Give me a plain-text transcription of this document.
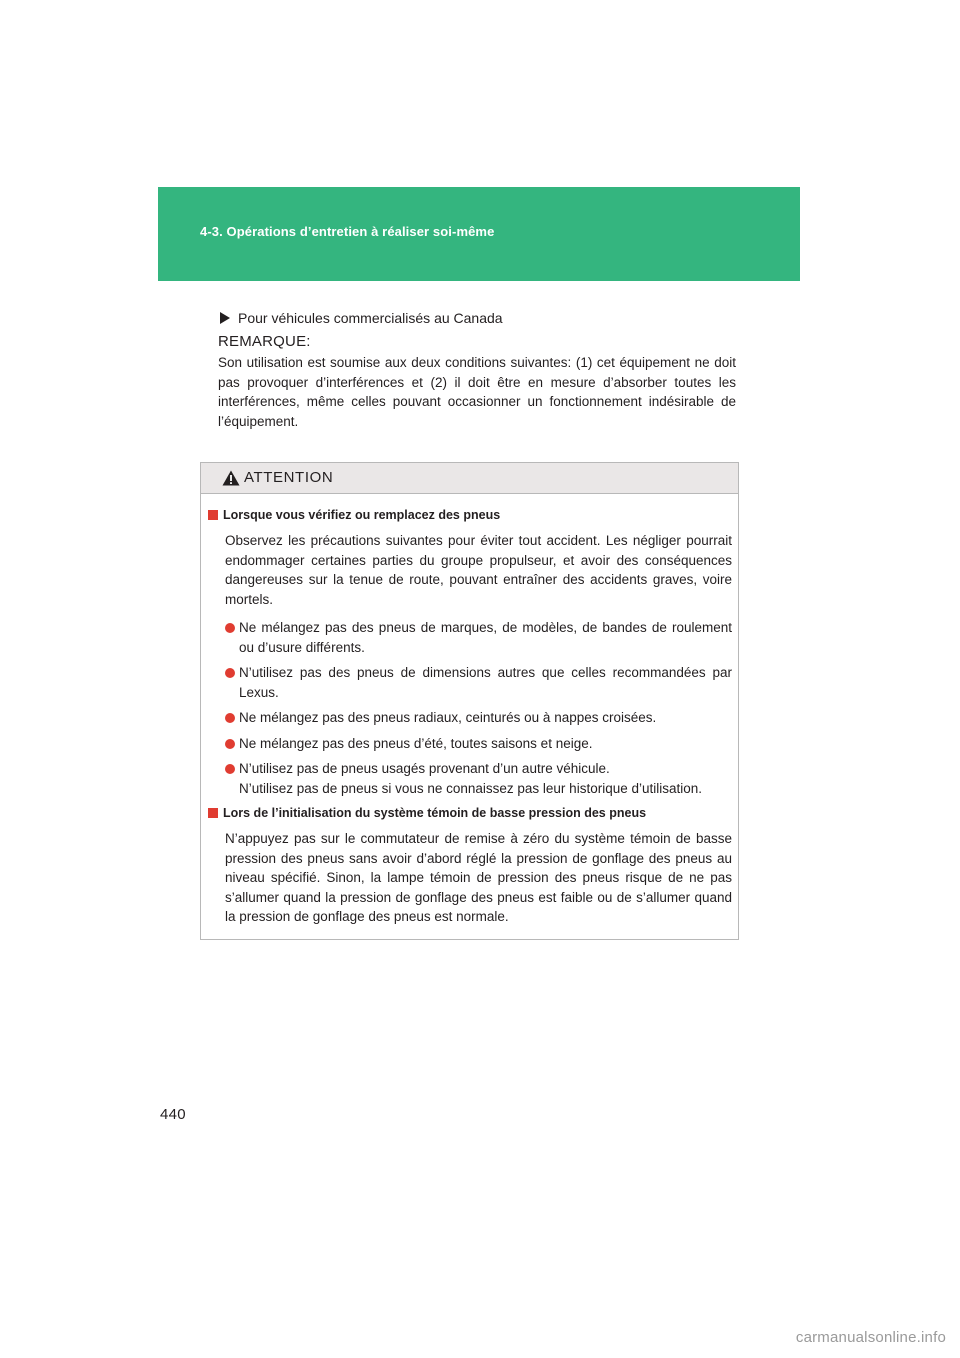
4-3. Opérations d’entretien à réaliser soi-même
Pour véhicules commercialisés au Canada
REMARQUE:
Son utilisation est soumise aux deux conditions suivantes: (1) cet équipement ne doit pas provoquer d’interférences et (2) il doit être en mesure d’absorber toutes les interférences, même celles pouvant occasionner un fonctionnement indésirable de l’équipement.
ATTENTION
Lorsque vous vérifiez ou remplacez des pneus
Observez les précautions suivantes pour éviter tout accident. Les négliger pourrait endommager certaines parties du groupe propulseur, et avoir des conséquences dangereuses sur la tenue de route, pouvant entraîner des accidents graves, voire mortels.
Ne mélangez pas des pneus de marques, de modèles, de bandes de roulement ou d’usure différents.
N’utilisez pas des pneus de dimensions autres que celles recommandées par Lexus.
Ne mélangez pas des pneus radiaux, ceinturés ou à nappes croisées.
Ne mélangez pas des pneus d’été, toutes saisons et neige.
N’utilisez pas de pneus usagés provenant d’un autre véhicule.
N’utilisez pas de pneus si vous ne connaissez pas leur historique d’utilisation.
Lors de l’initialisation du système témoin de basse pression des pneus
N’appuyez pas sur le commutateur de remise à zéro du système témoin de basse pression des pneus sans avoir d’abord réglé la pression de gonflage des pneus au niveau spécifié. Sinon, la lampe témoin de pression des pneus risque de ne pas s’allumer quand la pression de gonflage des pneus est faible ou de s’allumer quand la pression de gonflage des pneus est normale.
440
carmanualsonline.info
